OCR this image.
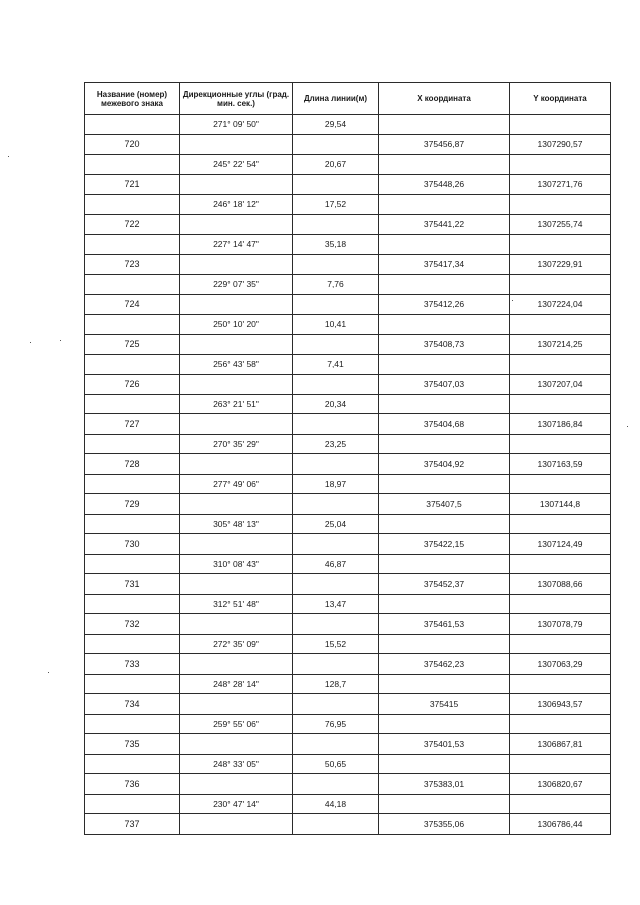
Название (номер) межевого знака	Дирекционные углы (град. мин. сек.)	Длина линии(м)	X координата	Y координата
	271° 09' 50"	29,54		
720			375456,87	1307290,57
	245° 22' 54"	20,67		
721			375448,26	1307271,76
	246° 18' 12"	17,52		
722			375441,22	1307255,74
	227° 14' 47"	35,18		
723			375417,34	1307229,91
	229° 07' 35"	7,76		
724			375412,26	1307224,04
	250° 10' 20"	10,41		
725			375408,73	1307214,25
	256° 43' 58"	7,41		
726			375407,03	1307207,04
	263° 21' 51"	20,34		
727			375404,68	1307186,84
	270° 35' 29"	23,25		
728			375404,92	1307163,59
	277° 49' 06"	18,97		
729			375407,5	1307144,8
	305° 48' 13"	25,04		
730			375422,15	1307124,49
	310° 08' 43"	46,87		
731			375452,37	1307088,66
	312° 51' 48"	13,47		
732			375461,53	1307078,79
	272° 35' 09"	15,52		
733			375462,23	1307063,29
	248° 28' 14"	128,7		
734			375415	1306943,57
	259° 55' 06"	76,95		
735			375401,53	1306867,81
	248° 33' 05"	50,65		
736			375383,01	1306820,67
	230° 47' 14"	44,18		
737			375355,06	1306786,44
